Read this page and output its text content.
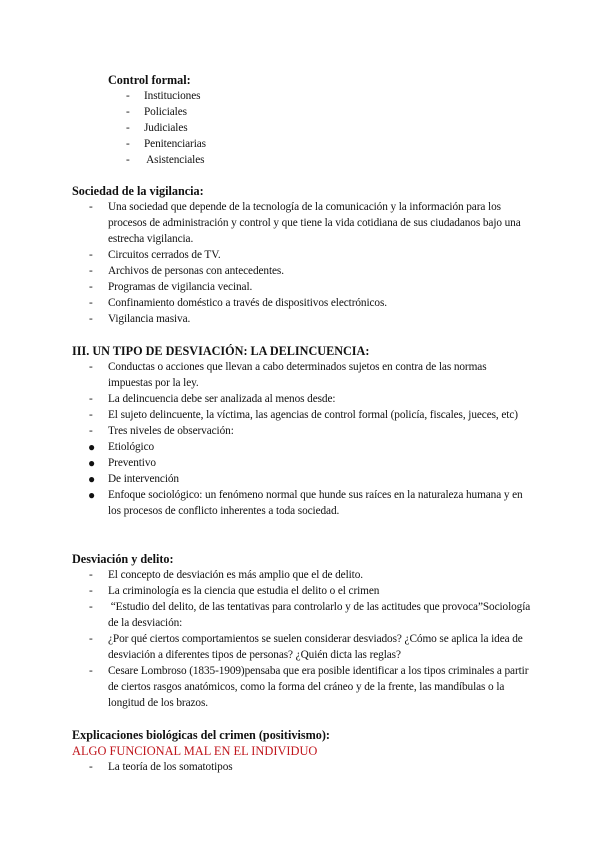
Control formal:
- Instituciones
- Policiales
- Judiciales
- Penitenciarias
- Asistenciales
Sociedad de la vigilancia:
- Una sociedad que depende de la tecnología de la comunicación y la información para los procesos de administración y control y que tiene la vida cotidiana de sus ciudadanos bajo una estrecha vigilancia.
- Circuitos cerrados de TV.
- Archivos de personas con antecedentes.
- Programas de vigilancia vecinal.
- Confinamiento doméstico a través de dispositivos electrónicos.
- Vigilancia masiva.
III. UN TIPO DE DESVIACIÓN: LA DELINCUENCIA:
- Conductas o acciones que llevan a cabo determinados sujetos en contra de las normas impuestas por la ley.
- La delincuencia debe ser analizada al menos desde:
- El sujeto delincuente, la víctima, las agencias de control formal (policía, fiscales, jueces, etc)
- Tres niveles de observación:
● Etiológico
● Preventivo
● De intervención
● Enfoque sociológico: un fenómeno normal que hunde sus raíces en la naturaleza humana y en los procesos de conflicto inherentes a toda sociedad.
Desviación y delito:
- El concepto de desviación es más amplio que el de delito.
- La criminología es la ciencia que estudia el delito o el crimen
- “Estudio del delito, de las tentativas para controlarlo y de las actitudes que provoca”Sociología de la desviación:
- ¿Por qué ciertos comportamientos se suelen considerar desviados? ¿Cómo se aplica la idea de desviación a diferentes tipos de personas? ¿Quién dicta las reglas?
- Cesare Lombroso (1835-1909)pensaba que era posible identificar a los tipos criminales a partir de ciertos rasgos anatómicos, como la forma del cráneo y de la frente, las mandíbulas o la longitud de los brazos.
Explicaciones biológicas del crimen (positivismo):
ALGO FUNCIONAL MAL EN EL INDIVIDUO
- La teoría de los somatotipos
